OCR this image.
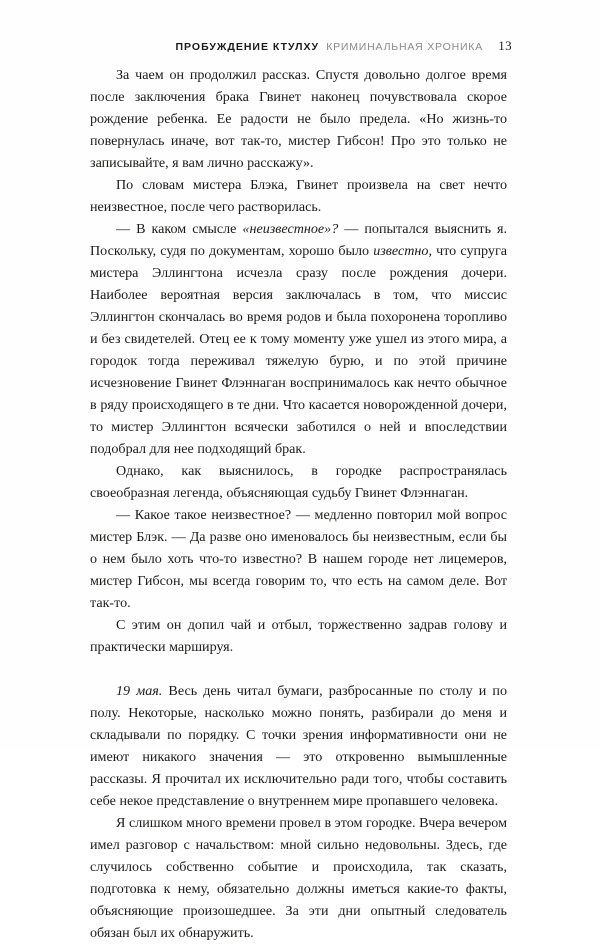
ПРОБУЖДЕНИЕ КТУЛХУ КРИМИНАЛЬНАЯ ХРОНИКА 13

За чаем он продолжил рассказ. Спустя довольно долгое время после заключения брака Гвинет наконец почувствовала скорое рождение ребенка. Ее радости не было предела. «Но жизнь-то повернулась иначе, вот так-то, мистер Гибсон! Про это только не записывайте, я вам лично расскажу».

По словам мистера Блэка, Гвинет произвела на свет нечто неизвестное, после чего растворилась.

— В каком смысле «неизвестное»? — попытался выяснить я. Поскольку, судя по документам, хорошо было известно, что супруга мистера Эллингтона исчезла сразу после рождения дочери. Наиболее вероятная версия заключалась в том, что миссис Эллингтон скончалась во время родов и была похоронена торопливо и без свидетелей. Отец ее к тому моменту уже ушел из этого мира, а городок тогда переживал тяжелую бурю, и по этой причине исчезновение Гвинет Флэннаган воспринималось как нечто обычное в ряду происходящего в те дни. Что касается новорожденной дочери, то мистер Эллингтон всячески заботился о ней и впоследствии подобрал для нее подходящий брак.

Однако, как выяснилось, в городке распространялась своеобразная легенда, объясняющая судьбу Гвинет Флэннаган.

— Какое такое неизвестное? — медленно повторил мой вопрос мистер Блэк. — Да разве оно именовалось бы неизвестным, если бы о нем было хоть что-то известно? В нашем городе нет лицемеров, мистер Гибсон, мы всегда говорим то, что есть на самом деле. Вот так-то.

С этим он допил чай и отбыл, торжественно задрав голову и практически маршируя.

19 мая. Весь день читал бумаги, разбросанные по столу и по полу. Некоторые, насколько можно понять, разбирали до меня и складывали по порядку. С точки зрения информативности они не имеют никакого значения — это откровенно вымышленные рассказы. Я прочитал их исключительно ради того, чтобы составить себе некое представление о внутреннем мире пропавшего человека.

Я слишком много времени провел в этом городке. Вчера вечером имел разговор с начальством: мной сильно недовольны. Здесь, где случилось собственно событие и происходила, так сказать, подготовка к нему, обязательно должны иметься какие-то факты, объясняющие произошедшее. За эти дни опытный следователь обязан был их обнаружить.
